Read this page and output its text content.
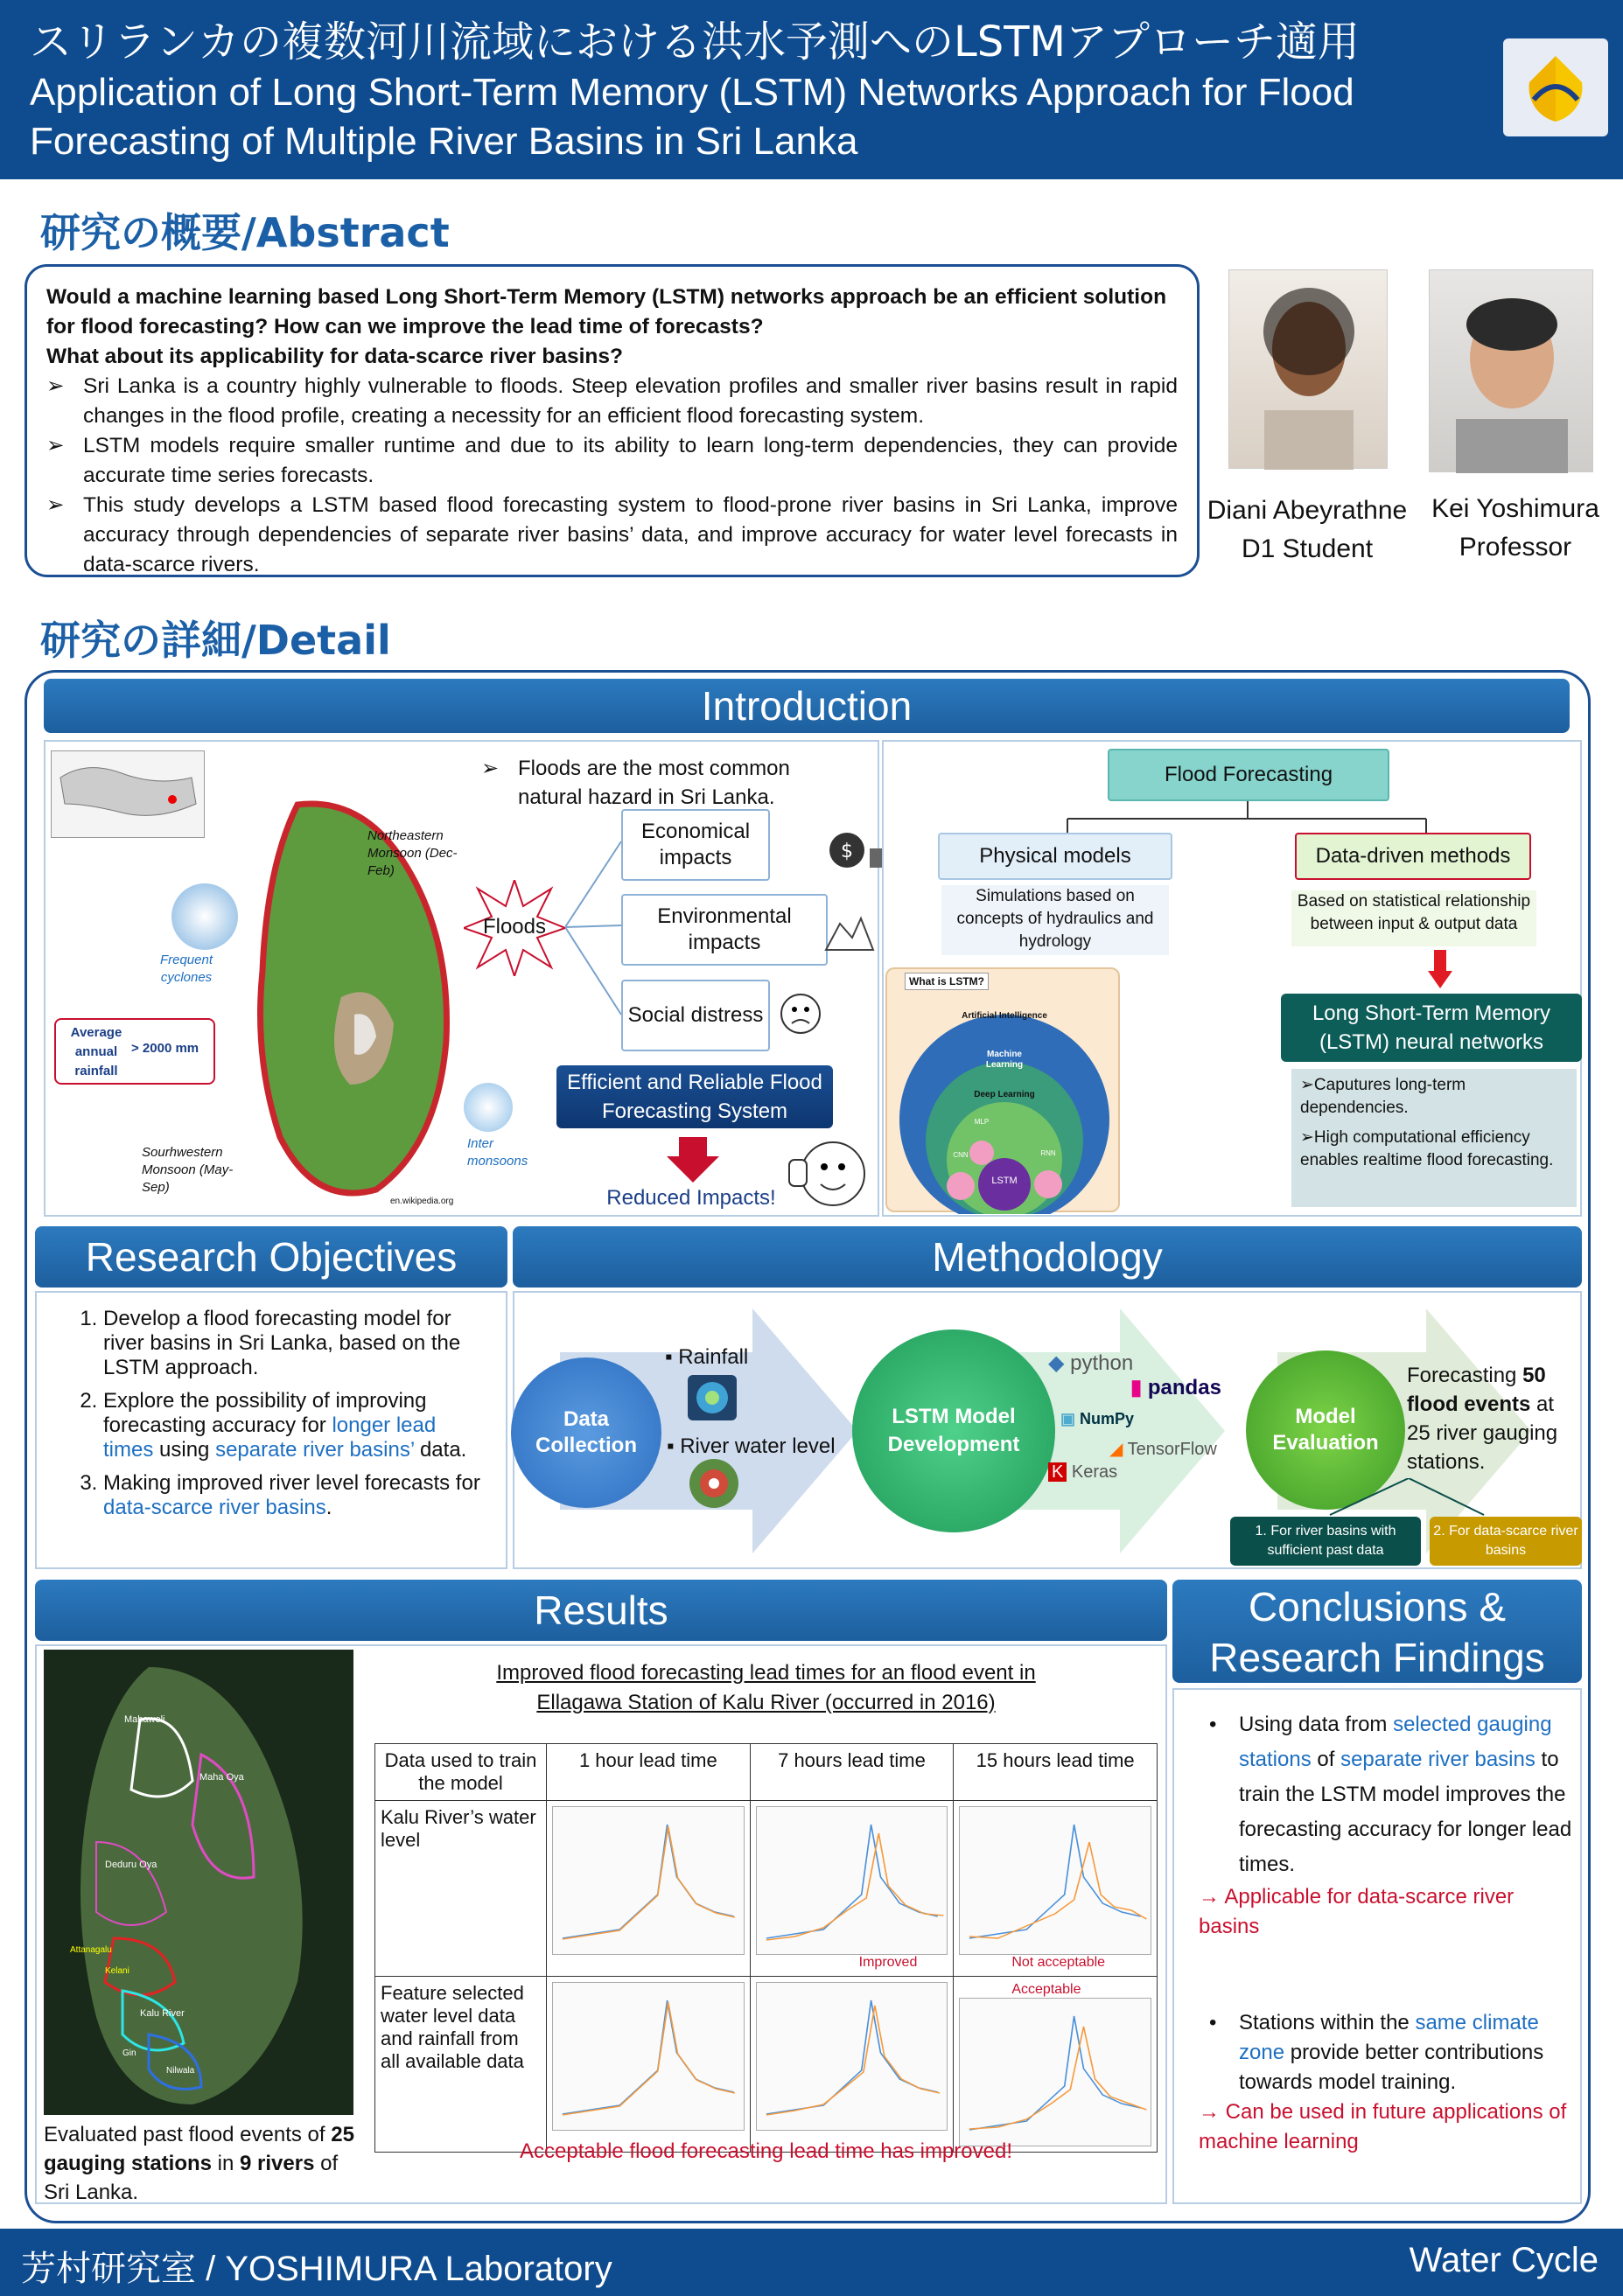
スリランカの複数河川流域における洪水予測へのLSTMアプローチ適用
Application of Long Short-Term Memory (LSTM) Networks Approach for Flood
Forecasting of Multiple River Basins in Sri Lanka
研究の概要/Abstract
Would a machine learning based Long Short-Term Memory (LSTM) networks approach be an efficient solution for flood forecasting? How can we improve the lead time of forecasts?
What about its applicability for data-scarce river basins?
➢ Sri Lanka is a country highly vulnerable to floods. Steep elevation profiles and smaller river basins result in rapid changes in the flood profile, creating a necessity for an efficient flood forecasting system.
➢ LSTM models require smaller runtime and due to its ability to learn long-term dependencies, they can provide accurate time series forecasts.
➢ This study develops a LSTM based flood forecasting system to flood-prone river basins in Sri Lanka, improve accuracy through dependencies of separate river basins’ data, and improve accuracy for water level forecasts in data-scarce rivers.
Diani Abeyrathne
D1 Student
Kei Yoshimura
Professor
研究の詳細/Detail
Introduction
Northeastern Monsoon (Dec-Feb)
Frequent cyclones
Average annual rainfall
> 2000 mm
Sourhwestern Monsoon (May-Sep)
Inter monsoons
en.wikipedia.org
➢ Floods are the most common natural hazard in Sri Lanka.
Floods
Economical impacts
Environmental impacts
Social distress
$
Efficient and Reliable Flood Forecasting System
Reduced Impacts!
Flood Forecasting
Physical models
Simulations based on concepts of hydraulics and hydrology
Data-driven methods
Based on statistical relationship between input & output data
Long Short-Term Memory (LSTM) neural networks
➢Caputures long-term dependencies.
➢High computational efficiency enables realtime flood forecasting.
What is LSTM?
Artificial Intelligence
Machine Learning
Deep Learning
MLP
CNN	RNN
LSTM
Research Objectives
1. Develop a flood forecasting model for river basins in Sri Lanka, based on the LSTM approach.
2. Explore the possibility of improving forecasting accuracy for longer lead times using separate river basins’ data.
3. Making improved river level forecasts for data-scarce river basins.
Methodology
Data Collection
▪ Rainfall
▪ River water level
LSTM Model Development
◆ python
▮ pandas
▣ NumPy
◢ TensorFlow
K Keras
Model Evaluation
Forecasting 50 flood events at 25 river gauging stations.
1. For river basins with sufficient past data
2. For data-scarce river basins
Results
Mahaweli
Maha Oya
Deduru Oya
Attanagalu
Kelani
Kalu River
Gin
Nilwala
Evaluated past flood events of 25 gauging stations in 9 rivers of Sri Lanka.
Improved flood forecasting lead times for an flood event in
Ellagawa Station of Kalu River (occurred in 2016)
Data used to train the model	1 hour lead time	7 hours lead time	15 hours lead time
Kalu River’s water level		Improved	Not acceptable

Feature selected water level data and rainfall from all available data			Acceptable
Acceptable flood forecasting lead time has improved!
Conclusions &
Research Findings
• Using data from selected gauging stations of separate river basins to train the LSTM model improves the forecasting accuracy for longer lead times.
→ Applicable for data-scarce river basins
• Stations within the same climate zone provide better contributions towards model training.
→ Can be used in future applications of machine learning
芳村研究室 / YOSHIMURA Laboratory	Water Cycle
